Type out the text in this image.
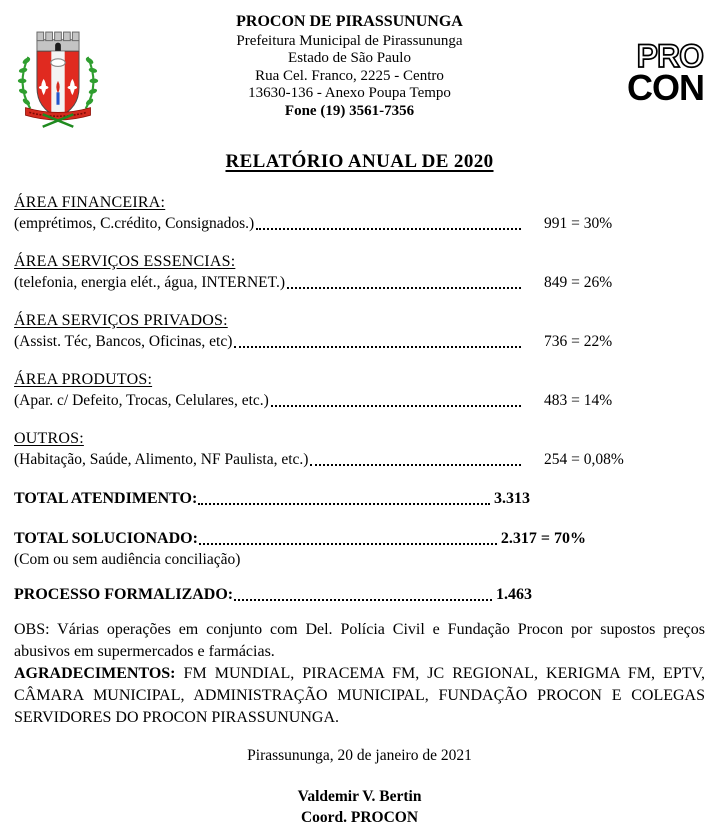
PROCON DE PIRASSUNUNGA
Prefeitura Municipal de Pirassununga
Estado de São Paulo
Rua Cel. Franco, 2225 - Centro
13630-136 - Anexo Poupa Tempo
Fone (19) 3561-7356
PRO
CON
RELATÓRIO ANUAL DE 2020
ÁREA FINANCEIRA:
(emprétimos, C.crédito, Consignados.)	991 = 30%
ÁREA SERVIÇOS ESSENCIAS:
(telefonia, energia elét., água, INTERNET.)	849 = 26%
ÁREA SERVIÇOS PRIVADOS:
(Assist. Téc, Bancos, Oficinas, etc)	736 = 22%
ÁREA PRODUTOS:
(Apar. c/ Defeito, Trocas, Celulares, etc.)	483 = 14%
OUTROS:
(Habitação, Saúde, Alimento, NF Paulista, etc.)	254 = 0,08%
TOTAL ATENDIMENTO:	3.313
TOTAL SOLUCIONADO:	2.317 = 70%
(Com ou sem audiência conciliação)
PROCESSO FORMALIZADO:	1.463

OBS: Várias operações em conjunto com Del. Polícia Civil e Fundação Procon por supostos preços abusivos em supermercados e farmácias.

AGRADECIMENTOS: FM MUNDIAL, PIRACEMA FM, JC REGIONAL, KERIGMA FM, EPTV, CÂMARA MUNICIPAL, ADMINISTRAÇÃO MUNICIPAL, FUNDAÇÃO PROCON E COLEGAS SERVIDORES DO PROCON PIRASSUNUNGA.

Pirassununga, 20 de janeiro de 2021
Valdemir V. Bertin
Coord. PROCON
